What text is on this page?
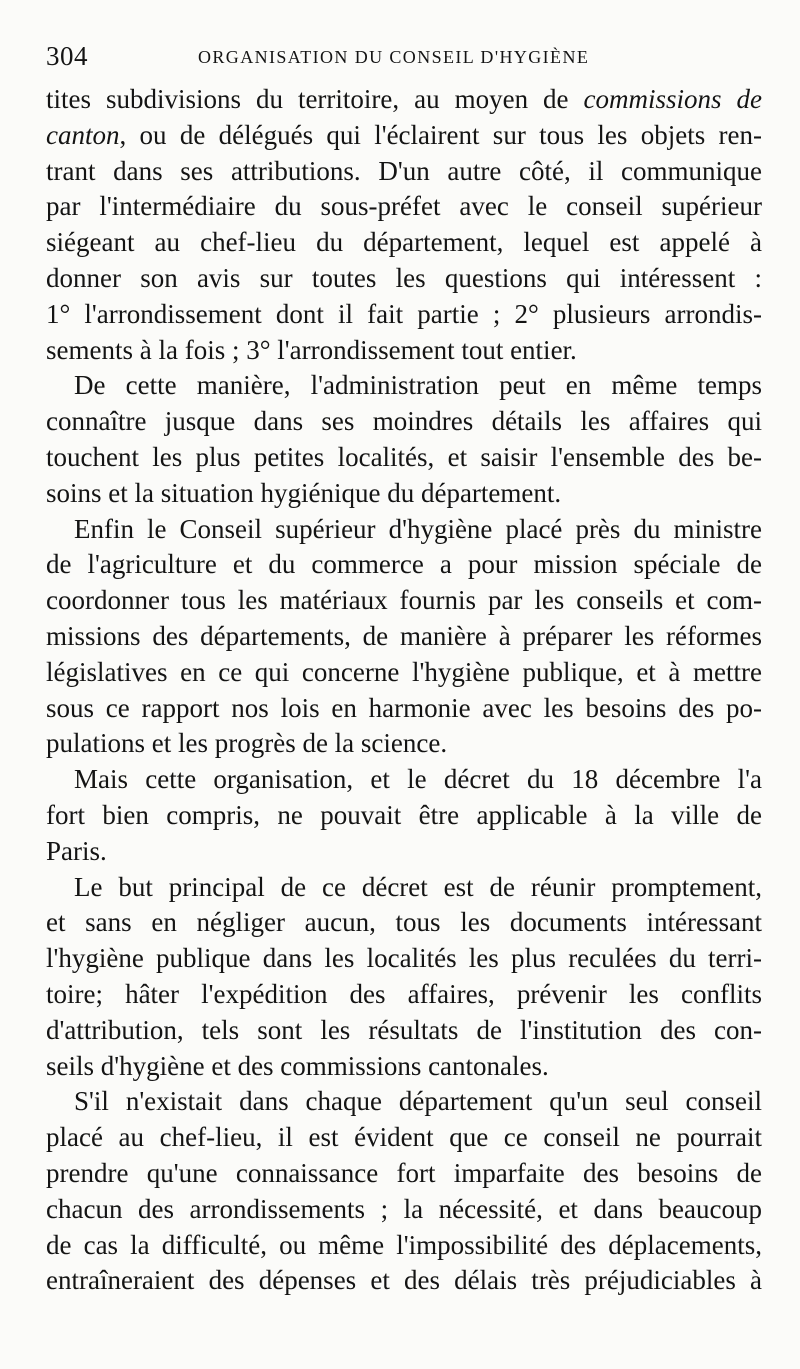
304	ORGANISATION DU CONSEIL D'HYGIÈNE
tites subdivisions du territoire, au moyen de commissions de
canton, ou de délégués qui l'éclairent sur tous les objets ren-
trant dans ses attributions. D'un autre côté, il communique
par l'intermédiaire du sous-préfet avec le conseil supérieur
siégeant au chef-lieu du département, lequel est appelé à
donner son avis sur toutes les questions qui intéressent :
1° l'arrondissement dont il fait partie ; 2° plusieurs arrondis-
sements à la fois ; 3° l'arrondissement tout entier.
De cette manière, l'administration peut en même temps
connaître jusque dans ses moindres détails les affaires qui
touchent les plus petites localités, et saisir l'ensemble des be-
soins et la situation hygiénique du département.
Enfin le Conseil supérieur d'hygiène placé près du ministre
de l'agriculture et du commerce a pour mission spéciale de
coordonner tous les matériaux fournis par les conseils et com-
missions des départements, de manière à préparer les réformes
législatives en ce qui concerne l'hygiène publique, et à mettre
sous ce rapport nos lois en harmonie avec les besoins des po-
pulations et les progrès de la science.
Mais cette organisation, et le décret du 18 décembre l'a
fort bien compris, ne pouvait être applicable à la ville de
Paris.
Le but principal de ce décret est de réunir promptement,
et sans en négliger aucun, tous les documents intéressant
l'hygiène publique dans les localités les plus reculées du terri-
toire; hâter l'expédition des affaires, prévenir les conflits
d'attribution, tels sont les résultats de l'institution des con-
seils d'hygiène et des commissions cantonales.
S'il n'existait dans chaque département qu'un seul conseil
placé au chef-lieu, il est évident que ce conseil ne pourrait
prendre qu'une connaissance fort imparfaite des besoins de
chacun des arrondissements ; la nécessité, et dans beaucoup
de cas la difficulté, ou même l'impossibilité des déplacements,
entraîneraient des dépenses et des délais très préjudiciables à
